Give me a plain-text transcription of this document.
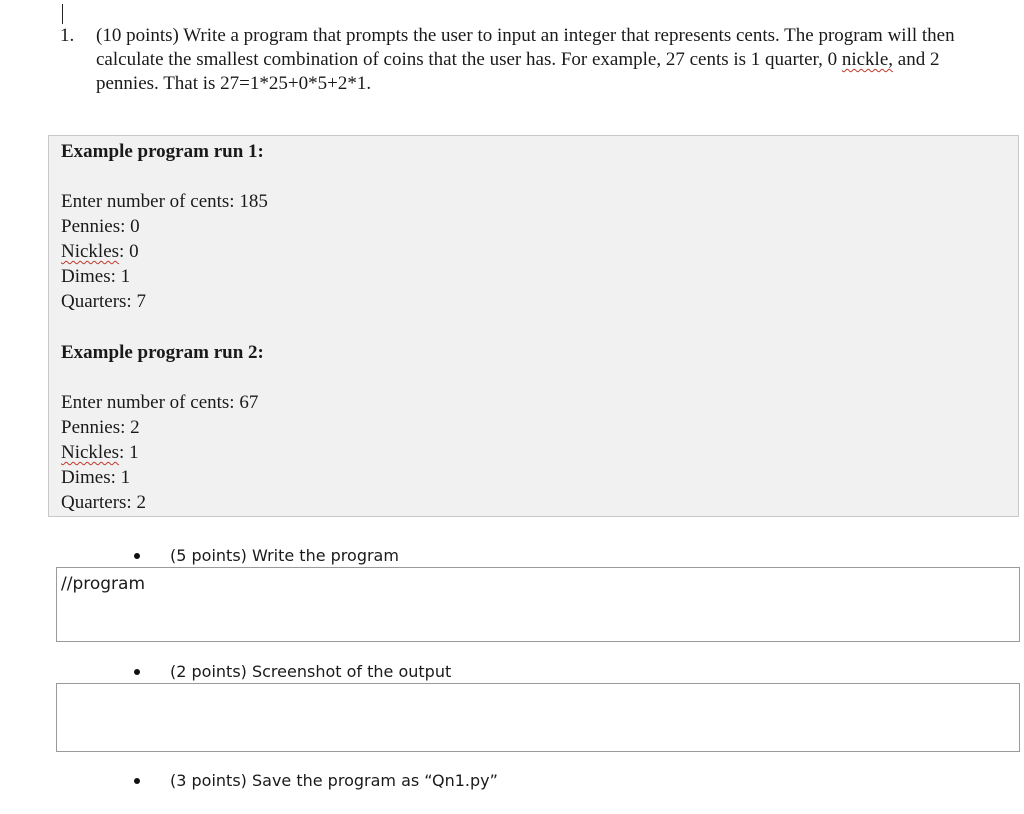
1. (10 points) Write a program that prompts the user to input an integer that represents cents. The program will then calculate the smallest combination of coins that the user has. For example, 27 cents is 1 quarter, 0 nickle, and 2 pennies. That is 27=1*25+0*5+2*1.
Example program run 1:
Enter number of cents: 185
Pennies: 0
Nickles: 0
Dimes: 1
Quarters: 7
Example program run 2:
Enter number of cents: 67
Pennies: 2
Nickles: 1
Dimes: 1
Quarters: 2
(5 points) Write the program
//program
(2 points) Screenshot of the output
(3 points) Save the program as “Qn1.py”
